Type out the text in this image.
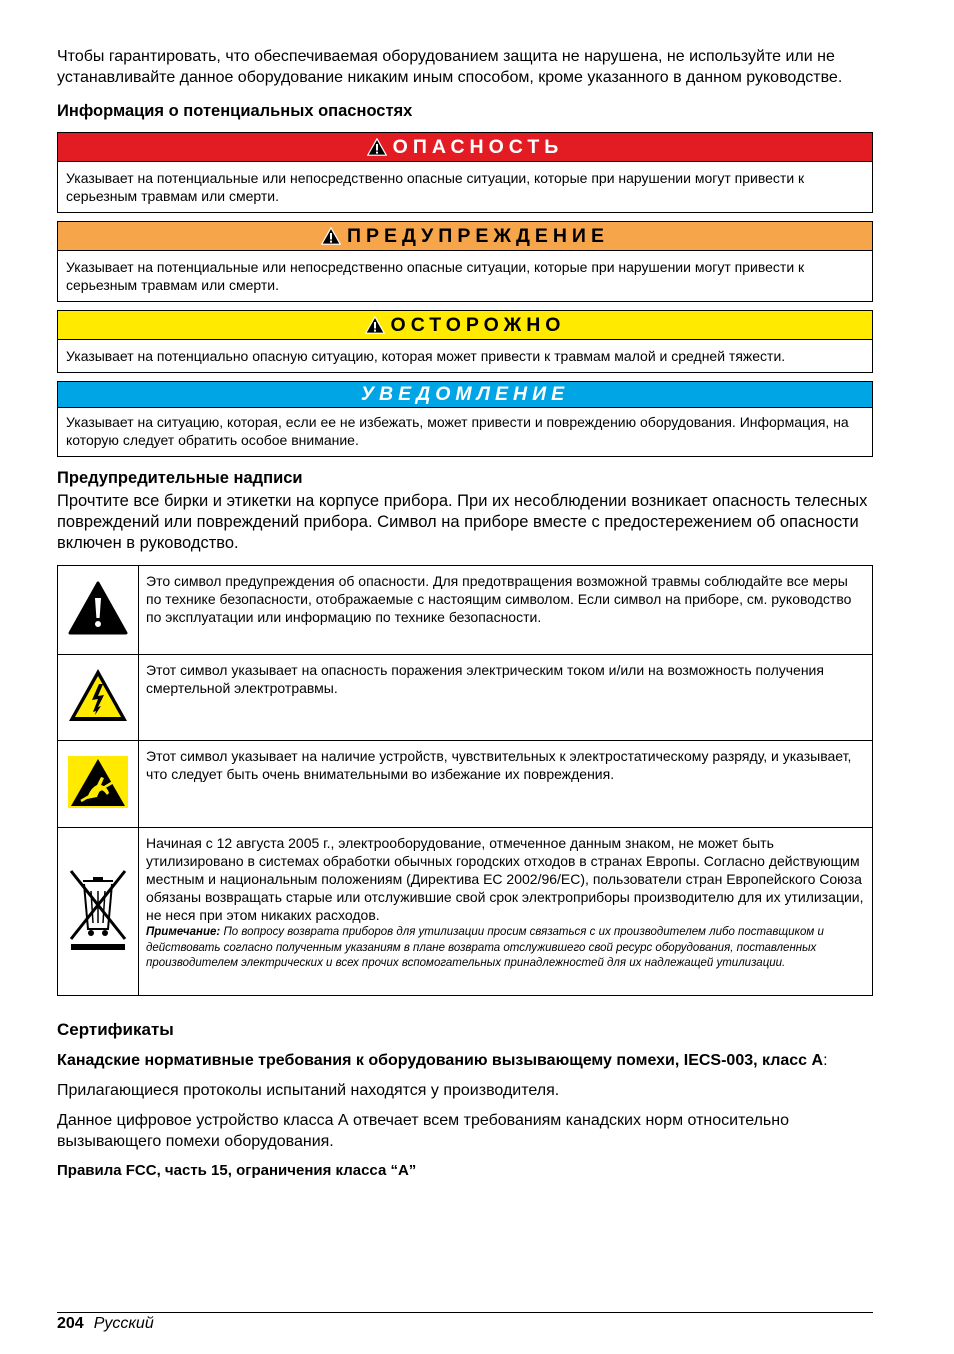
Чтобы гарантировать, что обеспечиваемая оборудованием защита не нарушена, не используйте или не устанавливайте данное оборудование никаким иным способом, кроме указанного в данном руководстве.

Информация о потенциальных опасностях
ОПАСНОСТЬ
Указывает на потенциальные или непосредственно опасные ситуации, которые при нарушении могут привести к серьезным травмам или смерти.
ПРЕДУПРЕЖДЕНИЕ
Указывает на потенциальные или непосредственно опасные ситуации, которые при нарушении могут привести к серьезным травмам или смерти.
ОСТОРОЖНО
Указывает на потенциально опасную ситуацию, которая может привести к травмам малой и средней тяжести.
УВЕДОМЛЕНИЕ
Указывает на ситуацию, которая, если ее не избежать, может привести и повреждению оборудования. Информация, на которую следует обратить особое внимание.
Предупредительные надписи

Прочтите все бирки и этикетки на корпусе прибора. При их несоблюдении возникает опасность телесных повреждений или повреждений прибора. Символ на приборе вместе с предостережением об опасности включен в руководство.

	Это символ предупреждения об опасности. Для предотвращения возможной травмы соблюдайте все меры по технике безопасности, отображаемые с настоящим символом. Если символ на приборе, см. руководство по эксплуатации или информацию по технике безопасности.
	Этот символ указывает на опасность поражения электрическим током и/или на возможность получения смертельной электротравмы.
	Этот символ указывает на наличие устройств, чувствительных к электростатическому разряду, и указывает, что следует быть очень внимательными во избежание их повреждения.

Начиная с 12 августа 2005 г., электрооборудование, отмеченное данным знаком, не может быть утилизировано в системах обработки обычных городских отходов в странах Европы. Согласно действующим местным и национальным положениям (Директива ЕС 2002/96/EC), пользователи стран Европейского Союза обязаны возвращать старые или отслужившие свой срок электроприборы производителю для их утилизации, не неся при этом никаких расходов.
Примечание: По вопросу возврата приборов для утилизации просим связаться с их производителем либо поставщиком и действовать согласно полученным указаниям в плане возврата отслужившего свой ресурс оборудования, поставленных производителем электрических и всех прочих вспомогательных принадлежностей для их надлежащей утилизации.
Сертификаты
Канадские нормативные требования к оборудованию вызывающему помехи, IECS-003, класс А:

Прилагающиеся протоколы испытаний находятся у производителя.

Данное цифровое устройство класса А отвечает всем требованиям канадских норм относительно вызывающего помехи оборудования.

Правила FCC, часть 15, ограничения класса “А”
204 Русский
